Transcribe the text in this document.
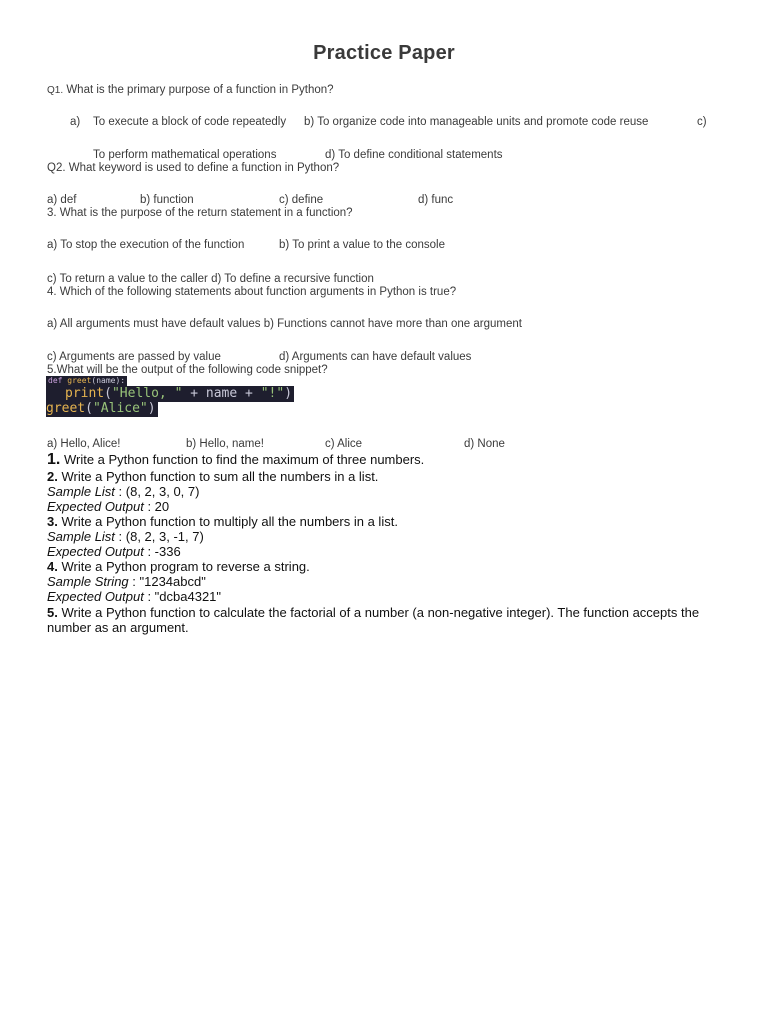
Practice Paper
Q1. What is the primary purpose of a function in Python?
a) To execute a block of code repeatedly b) To organize code into manageable units and promote code reuse	c)
To perform mathematical operations	d) To define conditional statements
Q2. What keyword is used to define a function in Python?
a) def	b) function	c) define	d) func
3. What is the purpose of the return statement in a function?
a) To stop the execution of the function	b) To print a value to the console
c) To return a value to the caller d) To define a recursive function
4. Which of the following statements about function arguments in Python is true?
a) All arguments must have default values b) Functions cannot have more than one argument
c) Arguments are passed by value	d) Arguments can have default values
5.What will be the output of the following code snippet?
def greet(name):
print("Hello, " + name + "!")
greet("Alice")
a) Hello, Alice!	b) Hello, name!	c) Alice	d) None
1. Write a Python function to find the maximum of three numbers.
2. Write a Python function to sum all the numbers in a list.
Sample List : (8, 2, 3, 0, 7)
Expected Output : 20
3. Write a Python function to multiply all the numbers in a list.
Sample List : (8, 2, 3, -1, 7)
Expected Output : -336
4. Write a Python program to reverse a string.
Sample String : "1234abcd"
Expected Output : "dcba4321"
5. Write a Python function to calculate the factorial of a number (a non-negative integer). The function accepts the
number as an argument.
